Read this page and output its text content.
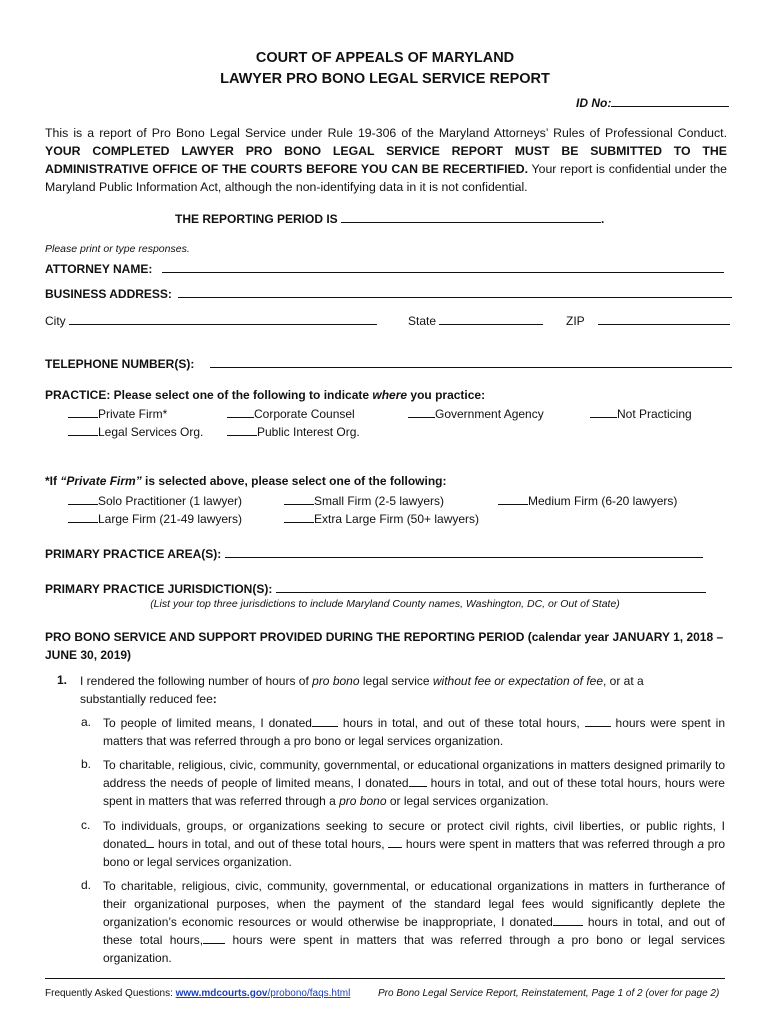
COURT OF APPEALS OF MARYLAND
LAWYER PRO BONO LEGAL SERVICE REPORT
ID No:
This is a report of Pro Bono Legal Service under Rule 19-306 of the Maryland Attorneys’ Rules of Professional Conduct. YOUR COMPLETED LAWYER PRO BONO LEGAL SERVICE REPORT MUST BE SUBMITTED TO THE ADMINISTRATIVE OFFICE OF THE COURTS BEFORE YOU CAN BE RECERTIFIED. Your report is confidential under the Maryland Public Information Act, although the non-identifying data in it is not confidential.
THE REPORTING PERIOD IS	.
Please print or type responses.
ATTORNEY NAME:
BUSINESS ADDRESS:
City	State	ZIP
TELEPHONE NUMBER(S):
PRACTICE: Please select one of the following to indicate where you practice:
Private Firm*	Corporate Counsel	Government Agency	Not Practicing
Legal Services Org.	Public Interest Org.
*If “Private Firm” is selected above, please select one of the following:
Solo Practitioner (1 lawyer)	Small Firm (2-5 lawyers)	Medium Firm (6-20 lawyers)
Large Firm (21-49 lawyers)	Extra Large Firm (50+ lawyers)
PRIMARY PRACTICE AREA(S):
PRIMARY PRACTICE JURISDICTION(S):
(List your top three jurisdictions to include Maryland County names, Washington, DC, or Out of State)
PRO BONO SERVICE AND SUPPORT PROVIDED DURING THE REPORTING PERIOD (calendar year JANUARY 1, 2018 – JUNE 30, 2019)
1. I rendered the following number of hours of pro bono legal service without fee or expectation of fee, or at a substantially reduced fee:
a. To people of limited means, I donated hours in total, and out of these total hours,  hours were spent in matters that was referred through a pro bono or legal services organization.
b. To charitable, religious, civic, community, governmental, or educational organizations in matters designed primarily to address the needs of people of limited means, I donated hours in total, and out of these total hours, hours were spent in matters that was referred through a pro bono or legal services organization.
c. To individuals, groups, or organizations seeking to secure or protect civil rights, civil liberties, or public rights, I donated hours in total, and out of these total hours,  hours were spent in matters that was referred through a pro bono or legal services organization.
d. To charitable, religious, civic, community, governmental, or educational organizations in matters in furtherance of their organizational purposes, when the payment of the standard legal fees would significantly deplete the organization’s economic resources or would otherwise be inappropriate, I donated	hours in total, and out of these total hours, hours were spent in matters that was referred through a pro bono or legal services organization.
Frequently Asked Questions: www.mdcourts.gov/probono/faqs.html	Pro Bono Legal Service Report, Reinstatement, Page 1 of 2 (over for page 2)
